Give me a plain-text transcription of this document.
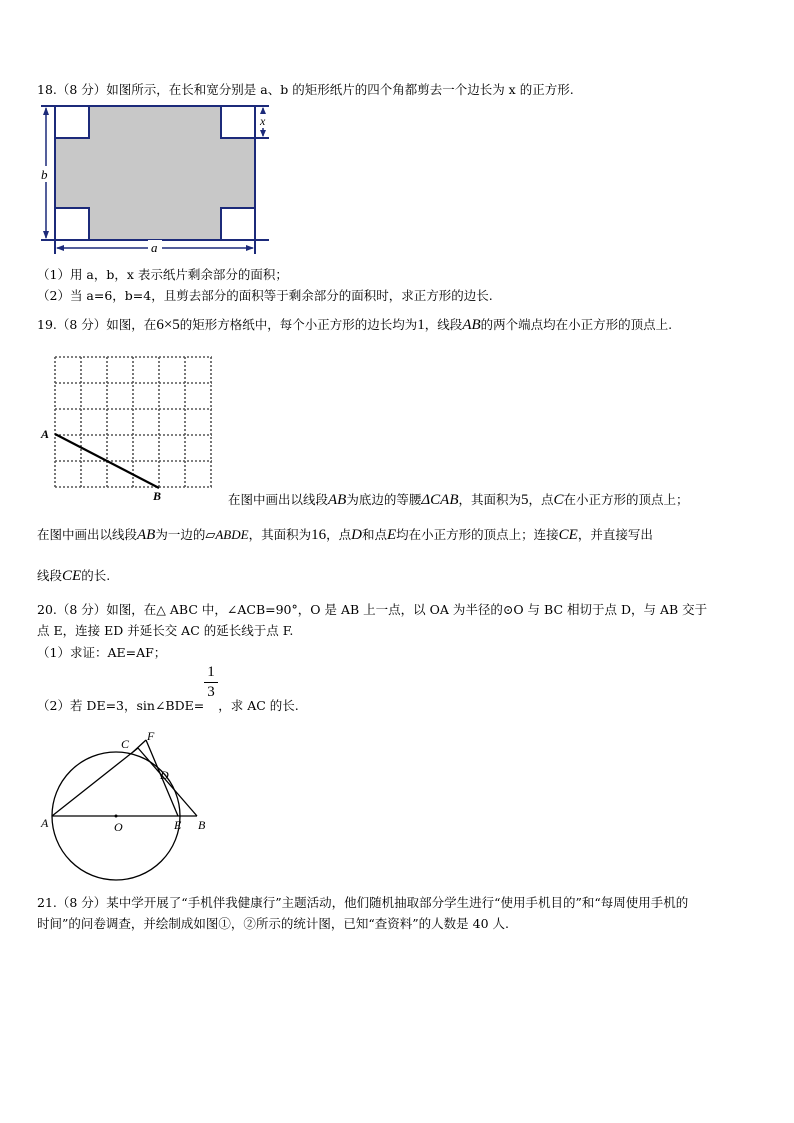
18.（8 分）如图所示，在长和宽分别是 a、b 的矩形纸片的四个角都剪去一个边长为 x 的正方形.
b
a
x
（1）用 a，b，x 表示纸片剩余部分的面积；
（2）当 a=6，b=4，且剪去部分的面积等于剩余部分的面积时，求正方形的边长.
19.（8 分）如图，在6×5的矩形方格纸中，每个小正方形的边长均为1，线段AB的两个端点均在小正方形的顶点上.
A
B	在图中画出以线段AB为底边的等腰ΔCAB，其面积为5，点C在小正方形的顶点上；
在图中画出以线段AB为一边的▱ABDE，其面积为16，点D和点E均在小正方形的顶点上；连接CE，并直接写出
线段CE的长.
20.（8 分）如图，在△ ABC 中，∠ACB=90°，O 是 AB 上一点，以 OA 为半径的⊙O 与 BC 相切于点 D，与 AB 交于
点 E，连接 ED 并延长交 AC 的延长线于点 F.
（1）求证：AE=AF；
（2）若 DE=3，sin∠BDE= ，求 AC 的长.
1
3
C
F
D
A	O	E B
21.（8 分）某中学开展了“手机伴我健康行”主题活动，他们随机抽取部分学生进行“使用手机目的”和“每周使用手机的
时间”的问卷调查，并绘制成如图①，②所示的统计图，已知“查资料”的人数是 40 人.
